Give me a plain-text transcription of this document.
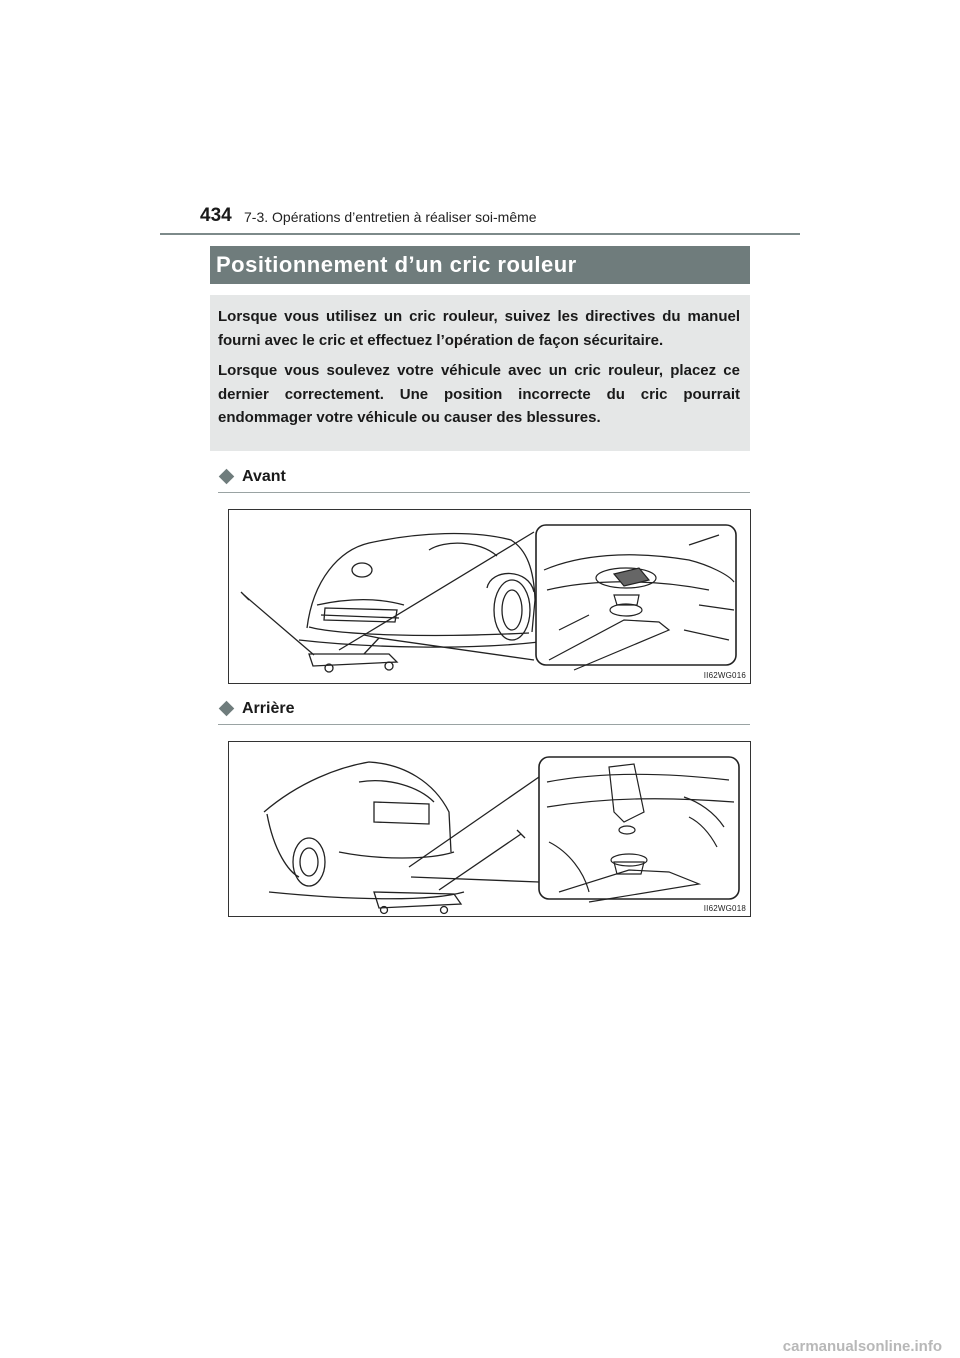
434 7-3. Opérations d’entretien à réaliser soi-même
Positionnement d’un cric rouleur

Lorsque vous utilisez un cric rouleur, suivez les directives du manuel fourni avec le cric et effectuez l’opération de façon sécuritaire.

Lorsque vous soulevez votre véhicule avec un cric rouleur, placez ce dernier correctement. Une position incorrecte du cric pourrait endommager votre véhicule ou causer des blessures.

Avant
II62WG016
Arrière
II62WG018
carmanualsonline.info
